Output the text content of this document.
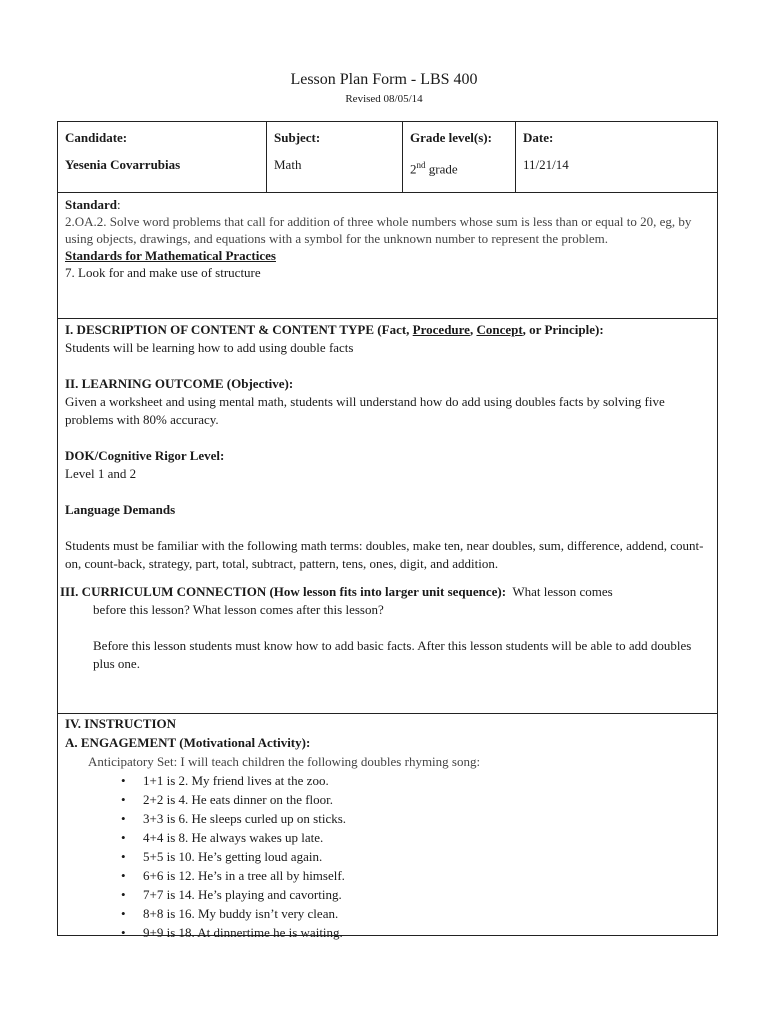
Lesson Plan Form - LBS 400
Revised 08/05/14
Candidate:
Yesenia Covarrubias
Subject:
Math
Grade level(s):
2nd grade
Date:
11/21/14

Standard:

2.OA.2. Solve word problems that call for addition of three whole numbers whose sum is less than or equal to 20, eg, by using objects, drawings, and equations with a symbol for the unknown number to represent the problem.

Standards for Mathematical Practices

7. Look for and make use of structure

I. DESCRIPTION OF CONTENT & CONTENT TYPE (Fact, Procedure, Concept, or Principle):

Students will be learning how to add using double facts

II. LEARNING OUTCOME (Objective):

Given a worksheet and using mental math, students will understand how do add using doubles facts by solving five problems with 80% accuracy.

DOK/Cognitive Rigor Level:

Level 1 and 2

Language Demands

Students must be familiar with the following math terms: doubles, make ten, near doubles, sum, difference, addend, count-on, count-back, strategy, part, total, subtract, pattern, tens, ones, digit, and addition.

III. CURRICULUM CONNECTION (How lesson fits into larger unit sequence):  What lesson comes

before this lesson? What lesson comes after this lesson?

Before this lesson students must know how to add basic facts. After this lesson students will be able to add doubles plus one.

IV. INSTRUCTION

A. ENGAGEMENT (Motivational Activity):

Anticipatory Set: I will teach children the following doubles rhyming song:

• 1+1 is 2. My friend lives at the zoo.
• 2+2 is 4. He eats dinner on the floor.
• 3+3 is 6. He sleeps curled up on sticks.
• 4+4 is 8. He always wakes up late.
• 5+5 is 10. He’s getting loud again.
• 6+6 is 12. He’s in a tree all by himself.
• 7+7 is 14. He’s playing and cavorting.
• 8+8 is 16. My buddy isn’t very clean.
• 9+9 is 18. At dinnertime he is waiting.
